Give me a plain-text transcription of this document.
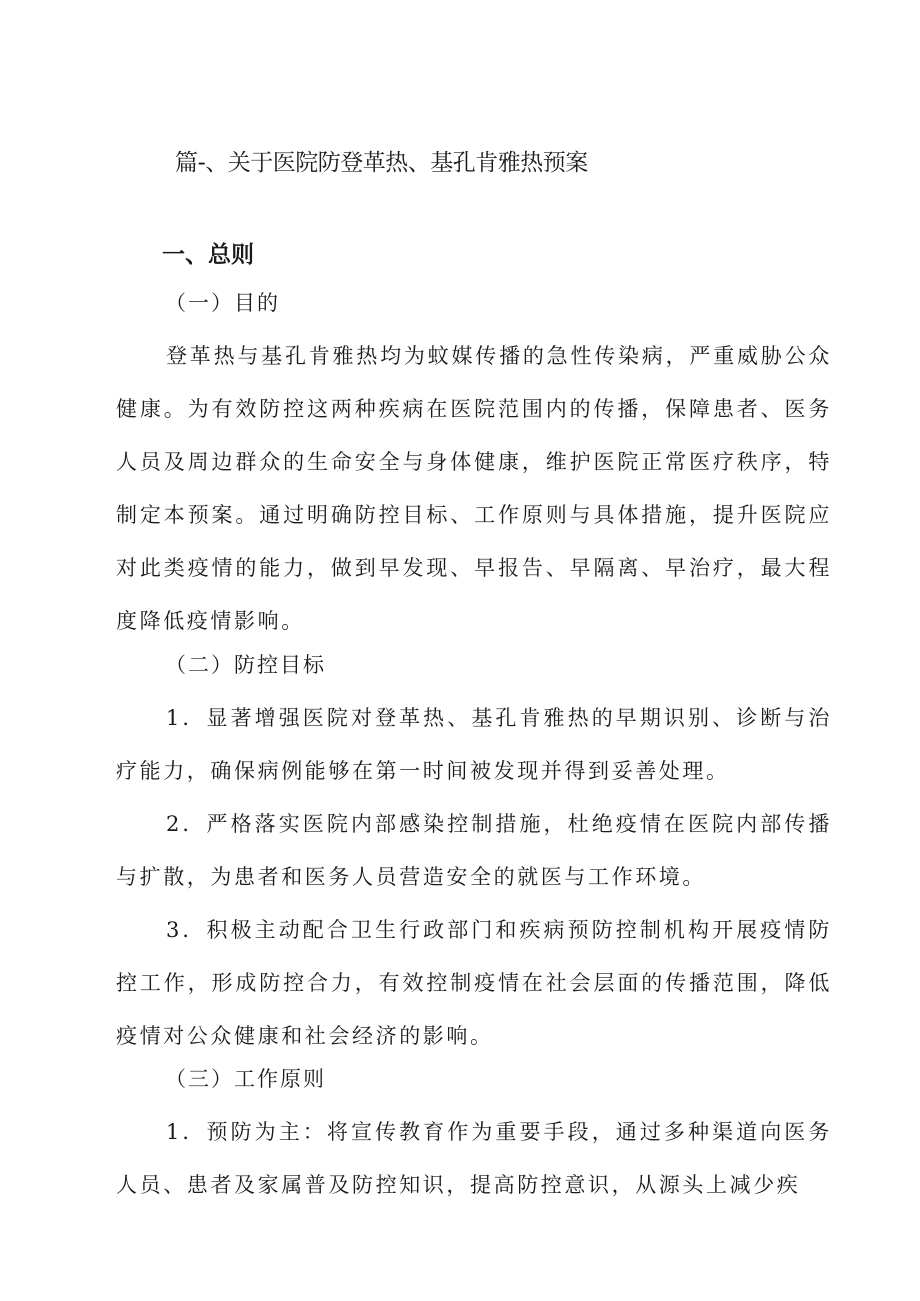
篇-、关于医院防登革热、基孔肯雅热预案
一、总则
（一）目的

登革热与基孔肯雅热均为蚊媒传播的急性传染病，严重威胁公众健康。为有效防控这两种疾病在医院范围内的传播，保障患者、医务人员及周边群众的生命安全与身体健康，维护医院正常医疗秩序，特制定本预案。通过明确防控目标、工作原则与具体措施，提升医院应对此类疫情的能力，做到早发现、早报告、早隔离、早治疗，最大程度降低疫情影响。

（二）防控目标

1．显著增强医院对登革热、基孔肯雅热的早期识别、诊断与治疗能力，确保病例能够在第一时间被发现并得到妥善处理。

2．严格落实医院内部感染控制措施，杜绝疫情在医院内部传播与扩散，为患者和医务人员营造安全的就医与工作环境。

3．积极主动配合卫生行政部门和疾病预防控制机构开展疫情防控工作，形成防控合力，有效控制疫情在社会层面的传播范围，降低疫情对公众健康和社会经济的影响。

（三）工作原则

1．预防为主：将宣传教育作为重要手段，通过多种渠道向医务人员、患者及家属普及防控知识，提高防控意识，从源头上减少疾
